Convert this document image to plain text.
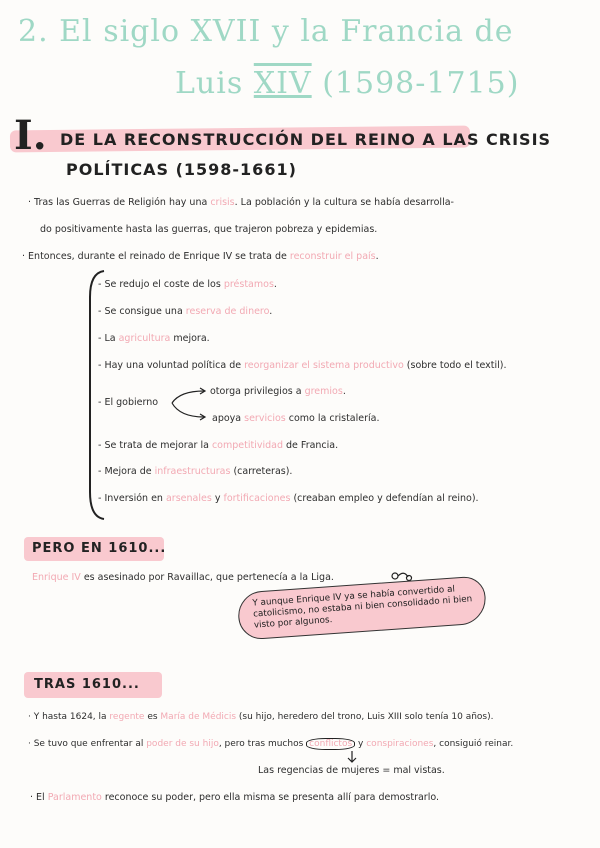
2. El siglo XVII y la Francia de
Luis XIV (1598-1715)
I. DE LA RECONSTRUCCIÓN DEL REINO A LAS CRISIS
POLÍTICAS (1598-1661)
· Tras las Guerras de Religión hay una crisis. La población y la cultura se había desarrolla-
do positivamente hasta las guerras, que trajeron pobreza y epidemias.
· Entonces, durante el reinado de Enrique IV se trata de reconstruir el país.
- Se redujo el coste de los préstamos.
- Se consigue una reserva de dinero.
- La agricultura mejora.
- Hay una voluntad política de reorganizar el sistema productivo (sobre todo el textil).
- El gobierno
otorga privilegios a gremios.
apoya servicios como la cristalería.
- Se trata de mejorar la competitividad de Francia.
- Mejora de infraestructuras (carreteras).
- Inversión en arsenales y fortificaciones (creaban empleo y defendían al reino).
PERO EN 1610...
Enrique IV es asesinado por Ravaillac, que pertenecía a la Liga.
Y aunque Enrique IV ya se había convertido al catolicismo, no estaba ni bien consolidado ni bien visto por algunos.
TRAS 1610...
· Y hasta 1624, la regente es María de Médicis (su hijo, heredero del trono, Luis XIII solo tenía 10 años).
· Se tuvo que enfrentar al poder de su hijo, pero tras muchos conflictos y conspiraciones, consiguió reinar.
Las regencias de mujeres = mal vistas.
· El Parlamento reconoce su poder, pero ella misma se presenta allí para demostrarlo.
